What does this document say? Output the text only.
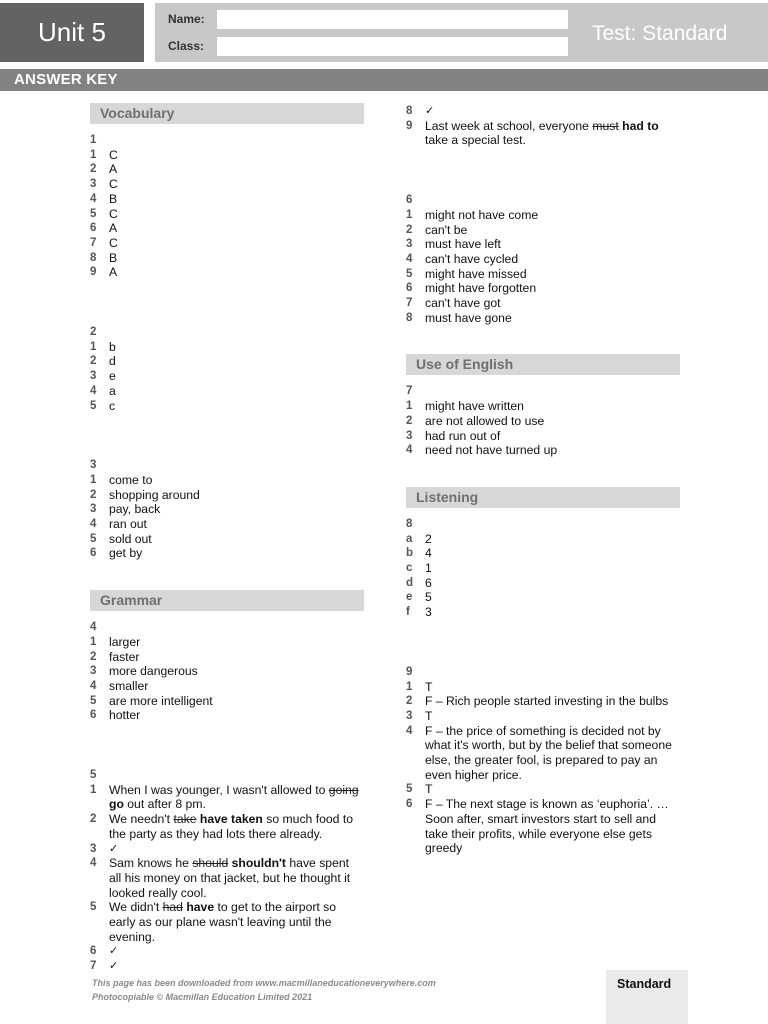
Unit 5	Name:
Class:
Test: Standard
ANSWER KEY
Vocabulary
1
1	C
2	A
3	C
4	B
5	C
6	A
7	C
8	B
9	A
2
1	b
2	d
3	e
4	a
5	c
3
1	come to
2	shopping around
3	pay, back
4	ran out
5	sold out
6	get by
Grammar
4
1	larger
2	faster
3	more dangerous
4	smaller
5	are more intelligent
6	hotter
5
1	When I was younger, I wasn't allowed to going go out after 8 pm.
2	We needn't take have taken so much food to the party as they had lots there already.
3	✓
4	Sam knows he should shouldn't have spent all his money on that jacket, but he thought it looked really cool.
5	We didn't had have to get to the airport so early as our plane wasn't leaving until the evening.
6	✓
7	✓
8	✓
9	Last week at school, everyone must had to take a special test.
6
1	might not have come
2	can't be
3	must have left
4	can't have cycled
5	might have missed
6	might have forgotten
7	can't have got
8	must have gone
Use of English
7
1	might have written
2	are not allowed to use
3	had run out of
4	need not have turned up
Listening
8
a	2
b 4
c	1
d 6
e	5
f	3
9
1	T
2	F – Rich people started investing in the bulbs
3	T
4	F – the price of something is decided not by what it's worth, but by the belief that someone else, the greater fool, is prepared to pay an even higher price.
5	T
6	F – The next stage is known as ‘euphoria’. … Soon after, smart investors start to sell and take their profits, while everyone else gets greedy
This page has been downloaded from www.macmillaneducationeverywhere.com
Photocopiable © Macmillan Education Limited 2021
Standard
